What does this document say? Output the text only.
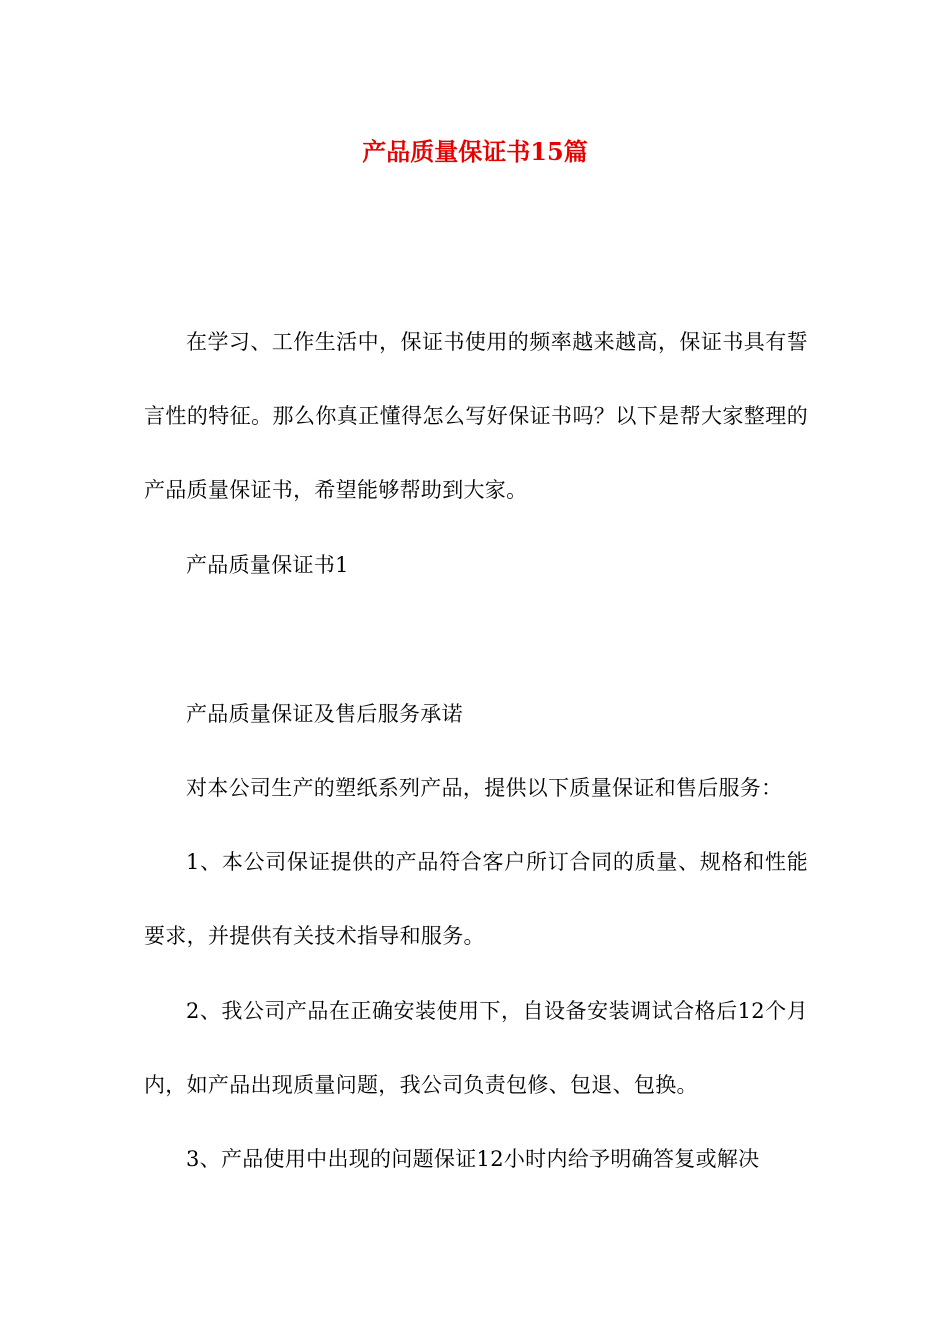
产品质量保证书15篇

在学习、工作生活中，保证书使用的频率越来越高，保证书具有誓言性的特征。那么你真正懂得怎么写好保证书吗？以下是帮大家整理的产品质量保证书，希望能够帮助到大家。

产品质量保证书1

产品质量保证及售后服务承诺

对本公司生产的塑纸系列产品，提供以下质量保证和售后服务：

1、本公司保证提供的产品符合客户所订合同的质量、规格和性能要求，并提供有关技术指导和服务。

2、我公司产品在正确安装使用下，自设备安装调试合格后12个月内，如产品出现质量问题，我公司负责包修、包退、包换。

3、产品使用中出现的问题保证12小时内给予明确答复或解决
